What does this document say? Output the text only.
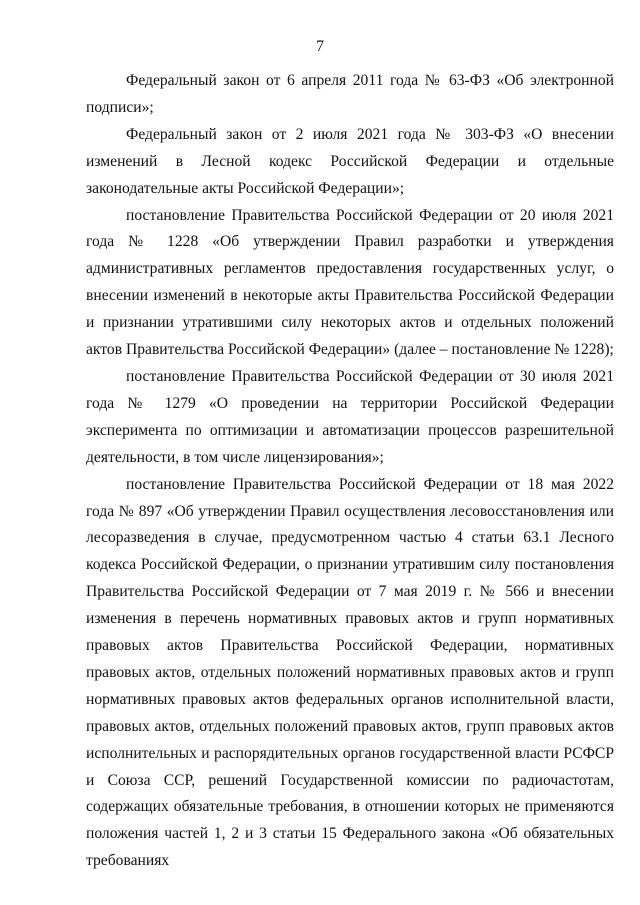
7

Федеральный закон от 6 апреля 2011 года № 63-ФЗ «Об электронной подписи»;

Федеральный закон от 2 июля 2021 года № 303-ФЗ «О внесении изменений в Лесной кодекс Российской Федерации и отдельные законодательные акты Российской Федерации»;

постановление Правительства Российской Федерации от 20 июля 2021 года № 1228 «Об утверждении Правил разработки и утверждения административных регламентов предоставления государственных услуг, о внесении изменений в некоторые акты Правительства Российской Федерации и признании утратившими силу некоторых актов и отдельных положений актов Правительства Российской Федерации» (далее – постановление № 1228);

постановление Правительства Российской Федерации от 30 июля 2021 года № 1279 «О проведении на территории Российской Федерации эксперимента по оптимизации и автоматизации процессов разрешительной деятельности, в том числе лицензирования»;

постановление Правительства Российской Федерации от 18 мая 2022 года № 897 «Об утверждении Правил осуществления лесовосстановления или лесоразведения в случае, предусмотренном частью 4 статьи 63.1 Лесного кодекса Российской Федерации, о признании утратившим силу постановления Правительства Российской Федерации от 7 мая 2019 г. № 566 и внесении изменения в перечень нормативных правовых актов и групп нормативных правовых актов Правительства Российской Федерации, нормативных правовых актов, отдельных положений нормативных правовых актов и групп нормативных правовых актов федеральных органов исполнительной власти, правовых актов, отдельных положений правовых актов, групп правовых актов исполнительных и распорядительных органов государственной власти РСФСР и Союза ССР, решений Государственной комиссии по радиочастотам, содержащих обязательные требования, в отношении которых не применяются положения частей 1, 2 и 3 статьи 15 Федерального закона «Об обязательных требованиях
